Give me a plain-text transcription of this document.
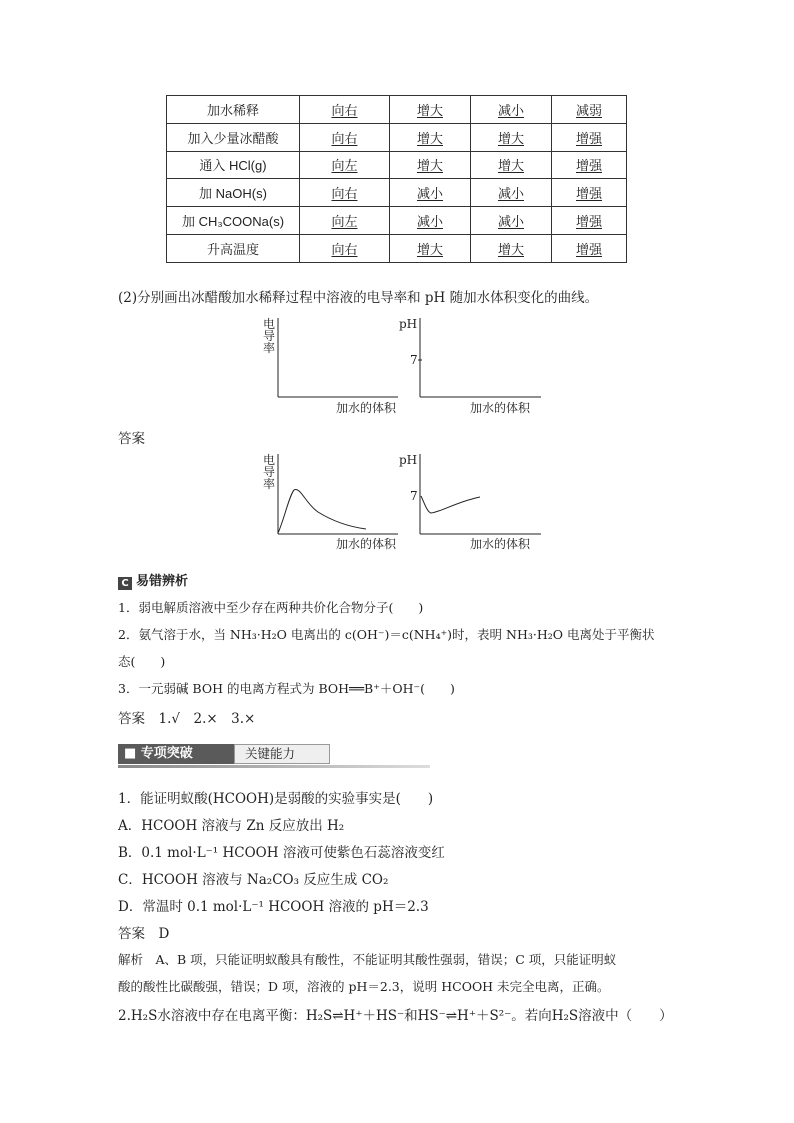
加水稀释	向右	增大	减小	减弱
加入少量冰醋酸	向右	增大	增大	增强
通入 HCl(g)	向左	增大	增大	增强
加 NaOH(s)	向右	减小	减小	增强
加 CH₃COONa(s)	向左	减小	减小	增强
升高温度	向右	增大	增大	增强
(2)分别画出冰醋酸加水稀释过程中溶液的电导率和 pH 随加水体积变化的曲线。
电
导
率
加水的体积
pH
7
加水的体积
答案
电
导
率
加水的体积
pH
7
加水的体积
C 易错辨析
1．弱电解质溶液中至少存在两种共价化合物分子(　　)
2．氨气溶于水，当 NH₃·H₂O 电离出的 c(OH⁻)＝c(NH₄⁺)时，表明 NH₃·H₂O 电离处于平衡状
态(　　)
3．一元弱碱 BOH 的电离方程式为 BOH══B⁺＋OH⁻(　　)
答案　1.√　2.×　3.×
■ 专项突破	关键能力
1．能证明蚁酸(HCOOH)是弱酸的实验事实是(　　)
A．HCOOH 溶液与 Zn 反应放出 H₂
B．0.1 mol·L⁻¹ HCOOH 溶液可使紫色石蕊溶液变红
C．HCOOH 溶液与 Na₂CO₃ 反应生成 CO₂
D．常温时 0.1 mol·L⁻¹ HCOOH 溶液的 pH＝2.3
答案　D
解析　A、B 项，只能证明蚁酸具有酸性，不能证明其酸性强弱，错误；C 项，只能证明蚁
酸的酸性比碳酸强，错误；D 项，溶液的 pH＝2.3，说明 HCOOH 未完全电离，正确。
2.H₂S水溶液中存在电离平衡：H₂S⇌H⁺＋HS⁻和HS⁻⇌H⁺＋S²⁻。若向H₂S溶液中（　　）
